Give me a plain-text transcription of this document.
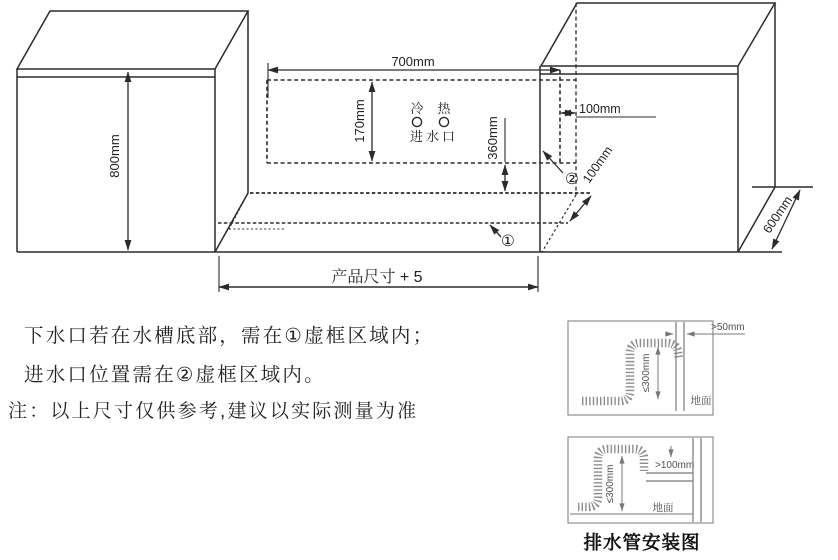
800mm
700mm
170mm	360mm
100mm
100mm
600mm
产品尺寸 + 5
冷 热
进水口
①
②
>50mm
≤300mm
地面
>100mm
≤300mm
地面
下水口若在水槽底部，需在①虚框区域内；
进水口位置需在②虚框区域内。
注：以上尺寸仅供参考,建议以实际测量为准
排水管安装图
